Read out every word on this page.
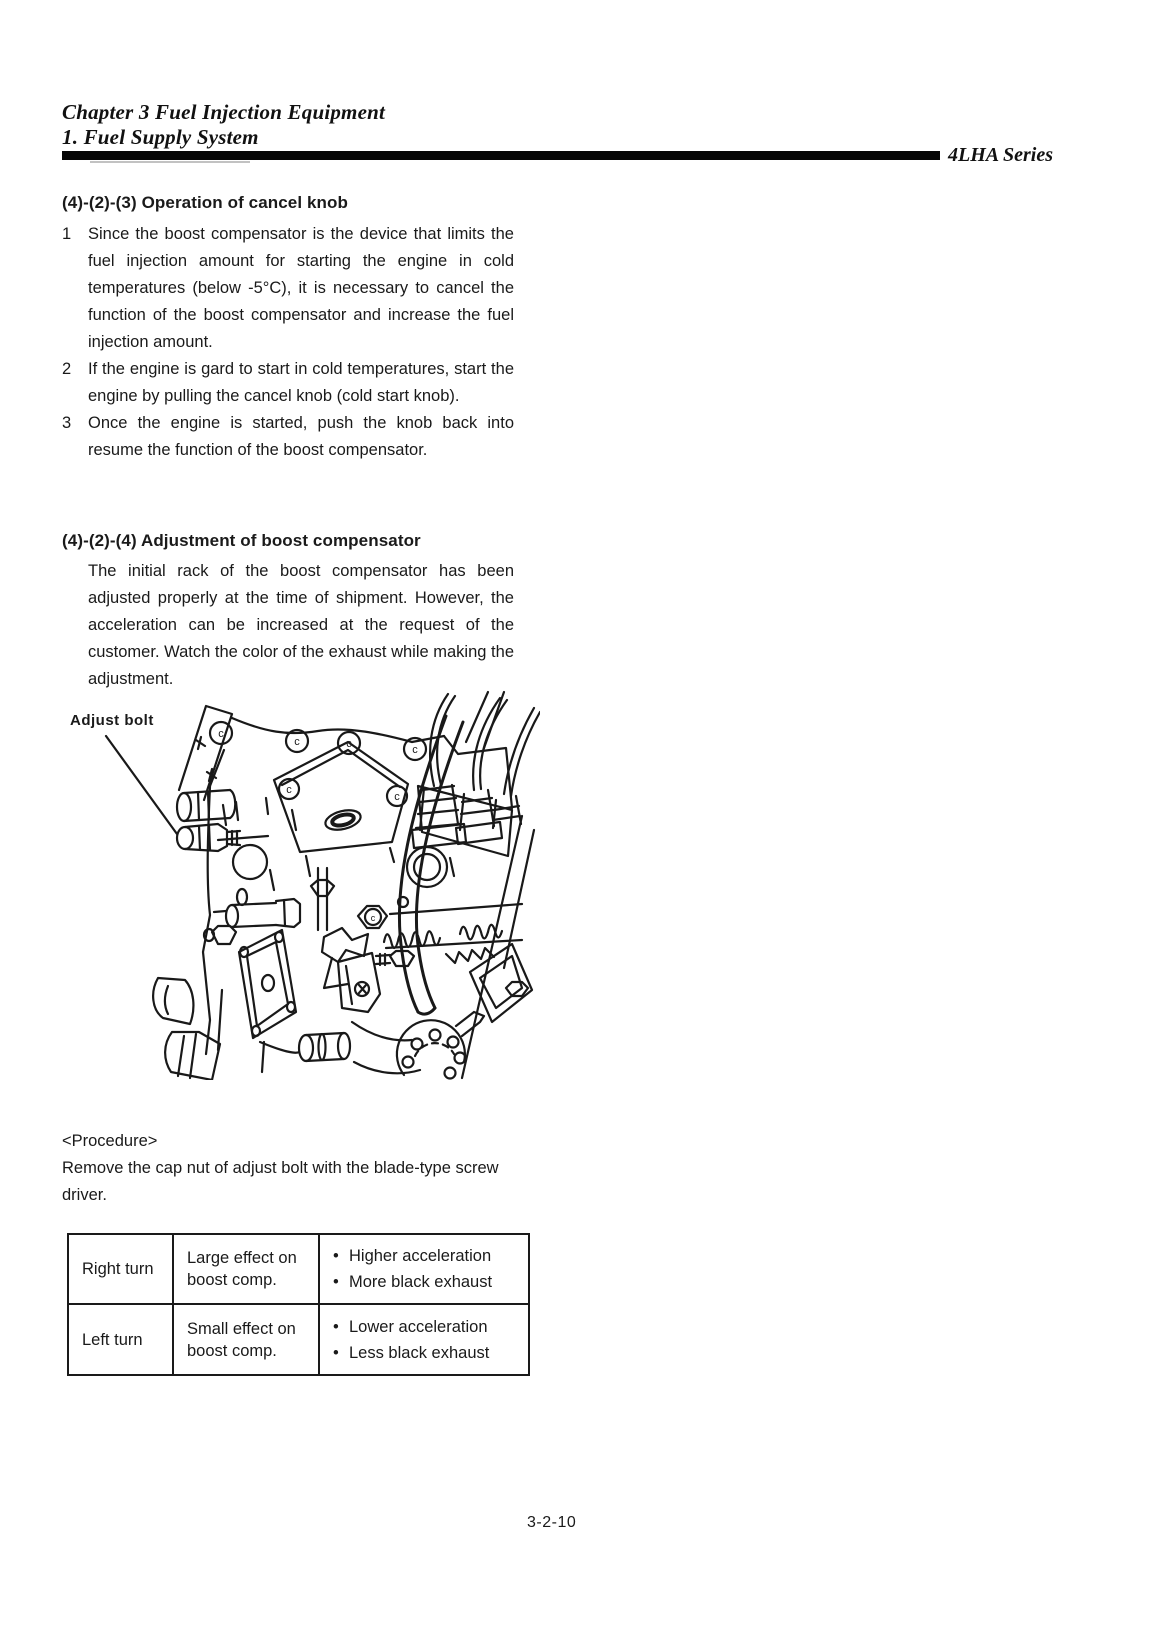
Chapter 3 Fuel Injection Equipment
1. Fuel Supply System
4LHA Series
(4)-(2)-(3) Operation of cancel knob
1 Since the boost compensator is the device that limits the fuel injection amount for starting the engine in cold temperatures (below -5°C), it is necessary to cancel the function of the boost compensator and increase the fuel injection amount.
2 If the engine is gard to start in cold temperatures, start the engine by pulling the cancel knob (cold start knob).
3 Once the engine is started, push the knob back into resume the function of the boost compensator.
(4)-(2)-(4) Adjustment of boost compensator
The initial rack of the boost compensator has been adjusted properly at the time of shipment. However, the acceleration can be increased at the request of the customer. Watch the color of the exhaust while making the adjustment.
Adjust bolt
c
c	c	c
c
c
c
<Procedure>
Remove the cap nut of adjust bolt with the blade-type screw driver.
Right turn
Large effect on boost comp.
• Higher acceleration
• More black exhaust
Left turn
Small effect on boost comp.
• Lower acceleration
• Less black exhaust
3-2-10
